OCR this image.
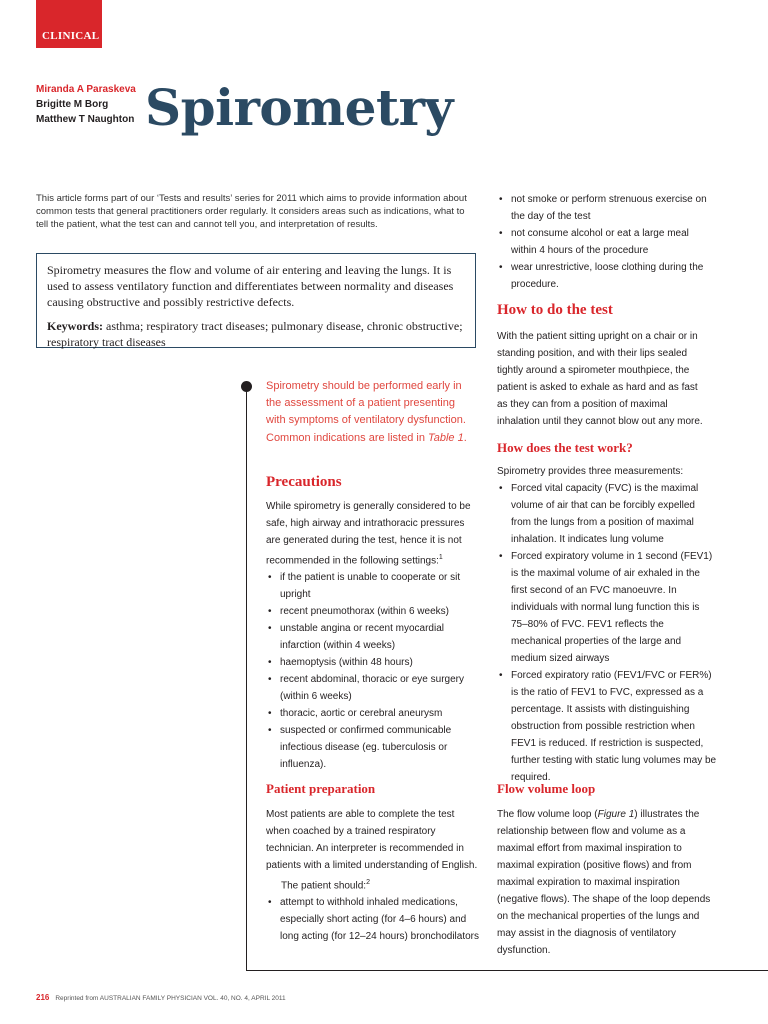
CLINICAL
Miranda A Paraskeva
Brigitte M Borg
Matthew T Naughton Spirometry
This article forms part of our ‘Tests and results’ series for 2011 which aims to provide information about common tests that general practitioners order regularly. It considers areas such as indications, what to tell the patient, what the test can and cannot tell you, and interpretation of results.

Spirometry measures the flow and volume of air entering and leaving the lungs. It is used to assess ventilatory function and differentiates between normality and diseases causing obstructive and possibly restrictive defects.

Keywords: asthma; respiratory tract diseases; pulmonary disease, chronic obstructive; respiratory tract diseases

Spirometry should be performed early in the assessment of a patient presenting with symptoms of ventilatory dysfunction. Common indications are listed in Table 1.
Precautions

While spirometry is generally considered to be safe, high airway and intrathoracic pressures are generated during the test, hence it is not recommended in the following settings:$^1$

• if the patient is unable to cooperate or sit upright
• recent pneumothorax (within 6 weeks)
• unstable angina or recent myocardial infarction (within 4 weeks)
• haemoptysis (within 48 hours)
• recent abdominal, thoracic or eye surgery (within 6 weeks)
• thoracic, aortic or cerebral aneurysm
• suspected or confirmed communicable infectious disease (eg. tuberculosis or influenza).
Patient preparation

Most patients are able to complete the test when coached by a trained respiratory technician. An interpreter is recommended in patients with a limited understanding of English.

The patient should:$^2$

• attempt to withhold inhaled medications, especially short acting (for 4–6 hours) and long acting (for 12–24 hours) bronchodilators
• not smoke or perform strenuous exercise on the day of the test
• not consume alcohol or eat a large meal within 4 hours of the procedure
• wear unrestrictive, loose clothing during the procedure.
How to do the test
With the patient sitting upright on a chair or in standing position, and with their lips sealed tightly around a spirometer mouthpiece, the patient is asked to exhale as hard and as fast as they can from a position of maximal inhalation until they cannot blow out any more.
How does the test work?

Spirometry provides three measurements:

• Forced vital capacity (FVC) is the maximal volume of air that can be forcibly expelled from the lungs from a position of maximal inhalation. It indicates lung volume
• Forced expiratory volume in 1 second (FEV1) is the maximal volume of air exhaled in the first second of an FVC manoeuvre. In individuals with normal lung function this is 75–80% of FVC. FEV1 reflects the mechanical properties of the large and medium sized airways
• Forced expiratory ratio (FEV1/FVC or FER%) is the ratio of FEV1 to FVC, expressed as a percentage. It assists with distinguishing obstruction from possible restriction when FEV1 is reduced. If restriction is suspected, further testing with static lung volumes may be required.
Flow volume loop
The flow volume loop (Figure 1) illustrates the relationship between flow and volume as a maximal effort from maximal inspiration to maximal expiration (positive flows) and from maximal expiration to maximal inspiration (negative flows). The shape of the loop depends on the mechanical properties of the lungs and may assist in the diagnosis of ventilatory dysfunction.
216 Reprinted from AUSTRALIAN FAMILY PHYSICIAN VOL. 40, NO. 4, APRIL 2011
